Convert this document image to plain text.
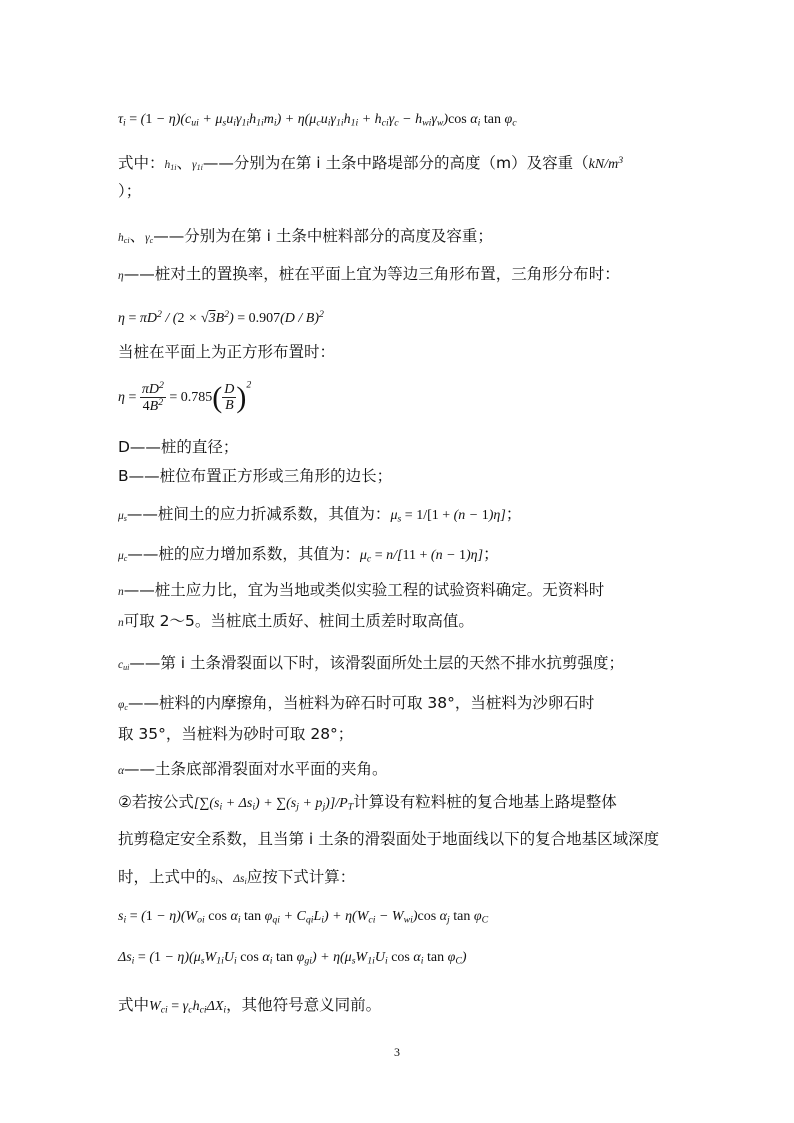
$\tau_i = (1 - \eta)(c_{ui} + \mu_su_i\gamma_{1i}h_{1i}m_i) + \eta(\mu_cu_i\gamma_{1i}h_{1i} + h_{ci}\gamma_c - h_{wi}\gamma_w)\cos$ $\alpha_i$ $\tan \varphi_c$
式中：$h_{1i}$、$\gamma_{1i}——$分别为在第 i 土条中路堤部分的高度（m）及容重（$kN/m^3$
）；
$h_{ci}$、$\gamma_c——$分别为在第 i 土条中桩料部分的高度及容重；
η——桩对土的置换率，桩在平面上宜为等边三角形布置，三角形分布时：
$\eta = \pi D^2 / (2 \times √3B^2) = 0.907(D / B)^2$
当桩在平面上为正方形布置时：
$\eta = \frac{\pi D^2}{4B^2} = 0.785( \frac{D}{B} )^2$
D——桩的直径；
B——桩位布置正方形或三角形的边长；
$\mu_s——$桩间土的应力折减系数，其值为：$\mu_s = 1/[1 + (n - 1)\eta]$；
$\mu_c——$桩的应力增加系数，其值为：$\mu_c = n/[11 + (n - 1)\eta]$；
n——桩土应力比，宜为当地或类似实验工程的试验资料确定。无资料时
n可取 2～5。当桩底土质好、桩间土质差时取高值。
$c_{ui}——$第 i 土条滑裂面以下时，该滑裂面所处土层的天然不排水抗剪强度；
$\varphi_c——$桩料的内摩擦角，当桩料为碎石时可取 38°，当桩料为沙卵石时
取 35°，当桩料为砂时可取 28°；
α——土条底部滑裂面对水平面的夹角。
②若按公式$[\sum(s_i + \Delta s_i) + \sum(s_j + p_j)]/P_T$计算设有粒料桩的复合地基上路堤整体
抗剪稳定安全系数，且当第 i 土条的滑裂面处于地面线以下的复合地基区域深度
时，上式中的$s_i$、$\Delta s_i$应按下式计算：
$s_i = (1 - \eta)(W_{oi}$ $\cos \alpha_i$ $\tan \varphi_{qi} + C_{qi}L_i) + \eta(W_{ci} - W_{wi})\cos$ $\alpha_j$ $\tan \varphi_C$
$\Delta s_i = (1 - \eta)(\mu_sW_{1i}U_i$ $\cos \alpha_i$ $\tan \varphi_{gi}) + \eta(\mu_sW_{1i}U_i$ $\cos \alpha_i$ $\tan \varphi_C$)
式中$W_{ci} = \gamma_ch_{ci}\Delta X_i$，其他符号意义同前。
3
